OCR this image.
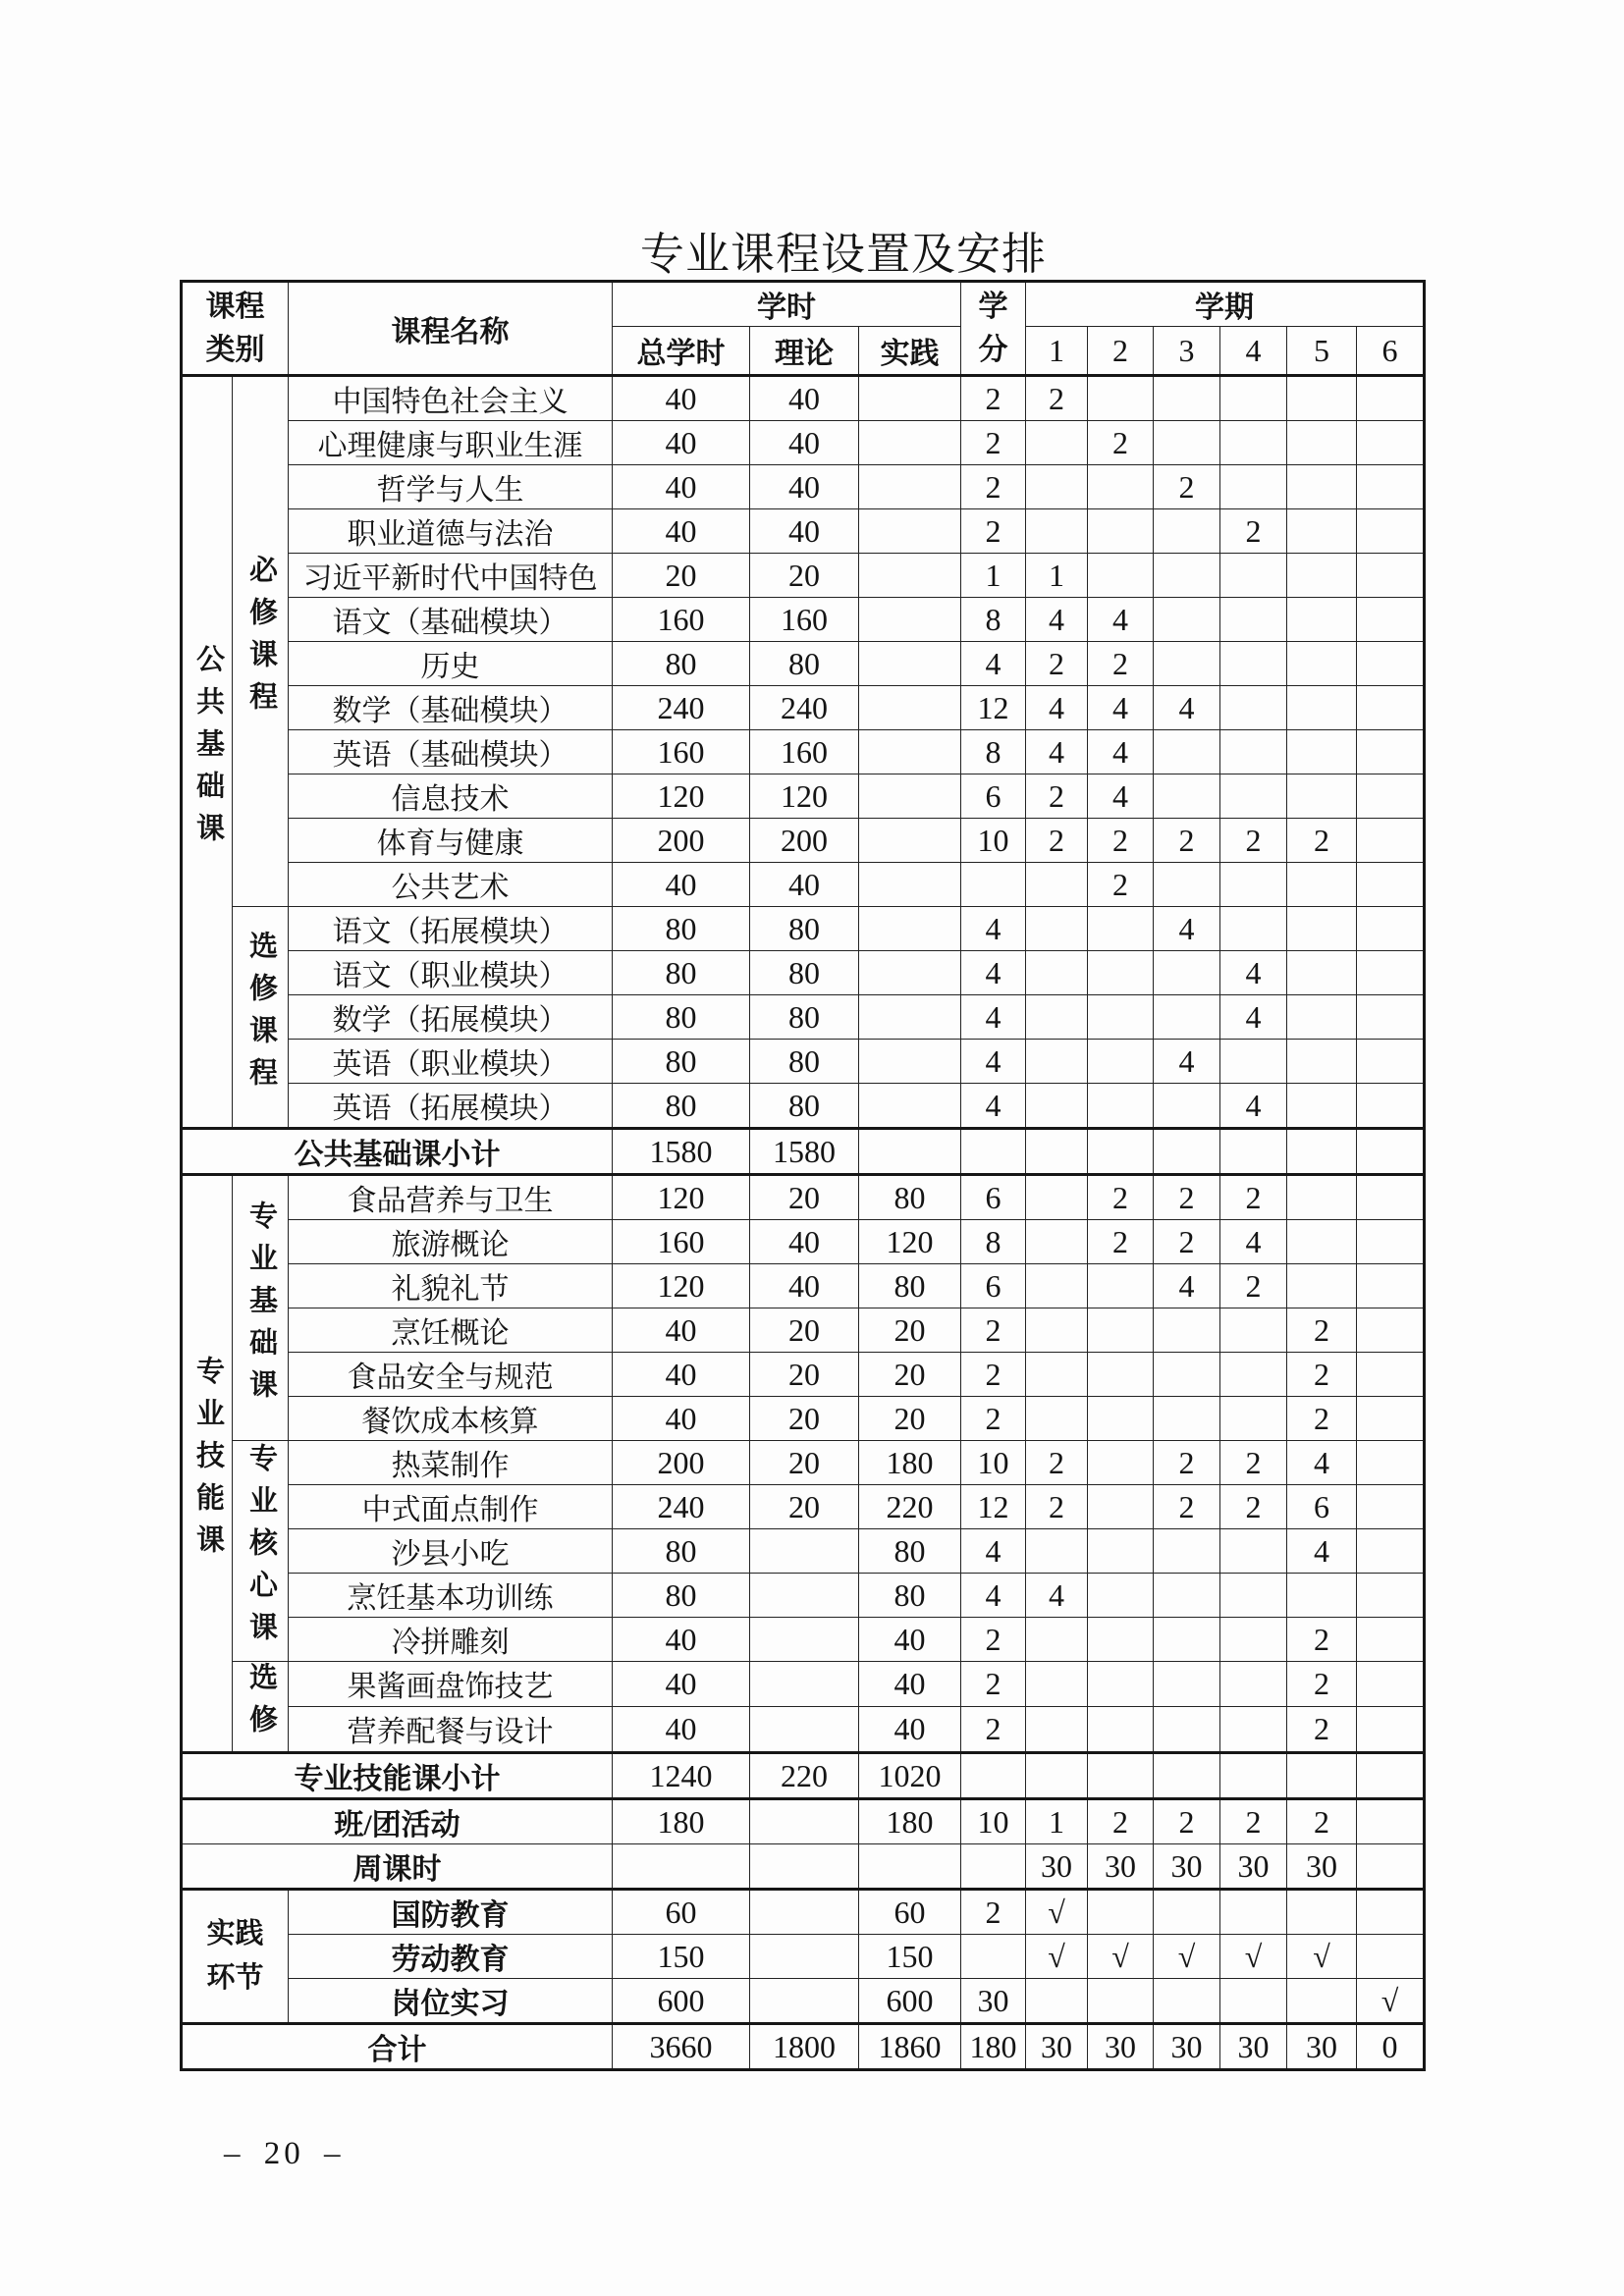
专业课程设置及安排
课程类别		课程名称	学时			学分	学期					
			总学时	理论	实践		1	2	3	4	5	6
公共基础课	必修课程	中国特色社会主义	40	40		2	2					
		心理健康与职业生涯	40	40		2		2				
		哲学与人生	40	40		2			2			
		职业道德与法治	40	40		2				2		
		习近平新时代中国特色	20	20		1	1					
		语文（基础模块）	160	160		8	4	4				
		历史	80	80		4	2	2				
		数学（基础模块）	240	240		12	4	4	4			
		英语（基础模块）	160	160		8	4	4				
		信息技术	120	120		6	2	4				
		体育与健康	200	200		10	2	2	2	2	2	
		公共艺术	40	40				2				
	选修课程	语文（拓展模块）	80	80		4			4			
		语文（职业模块）	80	80		4				4		
		数学（拓展模块）	80	80		4				4		
		英语（职业模块）	80	80		4			4			
		英语（拓展模块）	80	80		4				4		
公共基础课小计			1580	1580								
专业技能课	专业基础课	食品营养与卫生	120	20	80	6		2	2	2		
		旅游概论	160	40	120	8		2	2	4		
		礼貌礼节	120	40	80	6			4	2		
		烹饪概论	40	20	20	2					2	
		食品安全与规范	40	20	20	2					2	
		餐饮成本核算	40	20	20	2					2	
	专业核心课	热菜制作	200	20	180	10	2		2	2	4	
		中式面点制作	240	20	220	12	2		2	2	6	
		沙县小吃	80		80	4					4	
		烹饪基本功训练	80		80	4	4					
		冷拼雕刻	40		40	2					2	
	选修	果酱画盘饰技艺	40		40	2					2	
		营养配餐与设计	40		40	2					2	
专业技能课小计			1240	220	1020							
班/团活动			180		180	10	1	2	2	2	2	
周课时							30	30	30	30	30	

实践环节		国防教育	60		60	2	√					
		劳动教育	150		150		√	√	√	√	√	
		岗位实习	600		600	30						√
合计			3660	1800	1860	180	30	30	30	30	30	0
– 20 –
